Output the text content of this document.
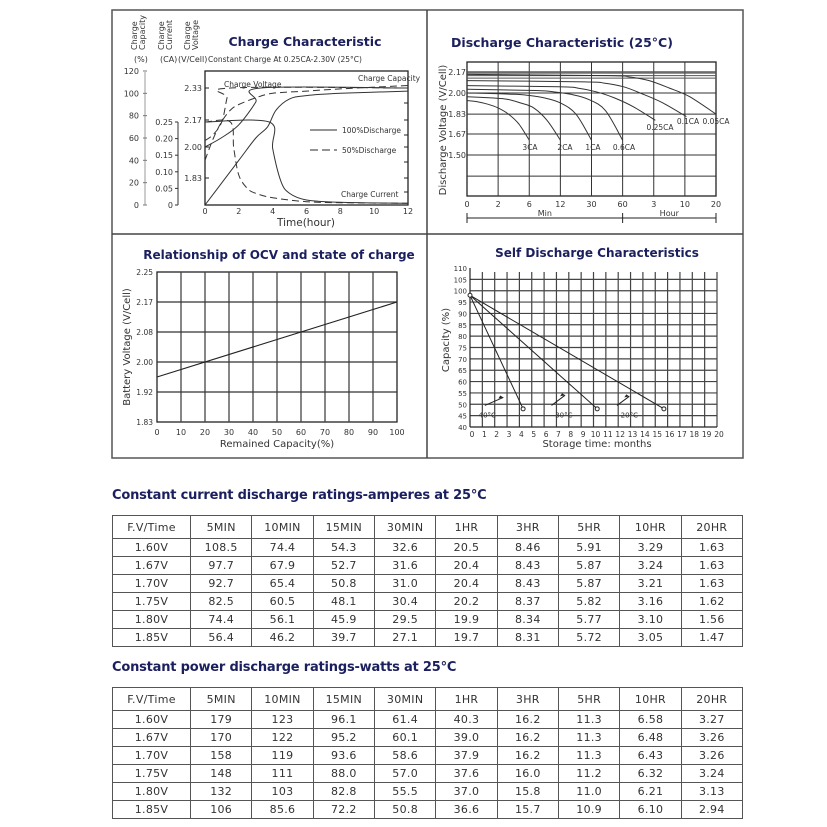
Charge Characteristic
Constant Charge At 0.25CA-2.30V (25°C)
Charge Capacity
(%)
Charge Current
(CA)
Charge Voltage
(V/Cell)
0
20
40
60
80
100
120
0
0.05
0.10
0.15
0.20
0.25
1.83
2.00
2.17
2.33
0	2	4	6	8	10	12
Time(hour)
Charge Voltage
Charge Capacity
Charge Current
100%Discharge
50%Discharge
Discharge Characteristic (25°C)
2.17
2.00
1.83
1.67
1.50
0	2	6	12	30	60	3	10	20
Discharge Voltage (V/Cell)
Min	Hour
3CA	2CA 1CA 0.6CA
0.25CA
0.1CA 0.05CA
Relationship of OCV and state of charge
1.83
1.92
2.00
2.08
2.17
2.25
0 10 20 30 40 50 60 70 80 90 100
Remained Capacity(%)
Battery Voltage (V/Cell)
Self Discharge Characteristics
40
45
50
55
60
65
70
75
80
85
90
95
100
105
110
0 1 2 3 4 5 6 7 8 9 10 11 12 13 14 15 16 17 18 19 20
Storage time: months
Capacity (%)
40°C	30°C	20°C
Constant current discharge ratings-amperes at 25°C
F.V/Time	5MIN	10MIN	15MIN	30MIN	1HR	3HR	5HR	10HR	20HR
1.60V	108.5	74.4	54.3	32.6	20.5	8.46	5.91	3.29	1.63
1.67V	97.7	67.9	52.7	31.6	20.4	8.43	5.87	3.24	1.63
1.70V	92.7	65.4	50.8	31.0	20.4	8.43	5.87	3.21	1.63
1.75V	82.5	60.5	48.1	30.4	20.2	8.37	5.82	3.16	1.62
1.80V	74.4	56.1	45.9	29.5	19.9	8.34	5.77	3.10	1.56
1.85V	56.4	46.2	39.7	27.1	19.7	8.31	5.72	3.05	1.47
Constant power discharge ratings-watts at 25°C
F.V/Time	5MIN	10MIN	15MIN	30MIN	1HR	3HR	5HR	10HR	20HR
1.60V	179	123	96.1	61.4	40.3	16.2	11.3	6.58	3.27
1.67V	170	122	95.2	60.1	39.0	16.2	11.3	6.48	3.26
1.70V	158	119	93.6	58.6	37.9	16.2	11.3	6.43	3.26
1.75V	148	111	88.0	57.0	37.6	16.0	11.2	6.32	3.24
1.80V	132	103	82.8	55.5	37.0	15.8	11.0	6.21	3.13
1.85V	106	85.6	72.2	50.8	36.6	15.7	10.9	6.10	2.94
